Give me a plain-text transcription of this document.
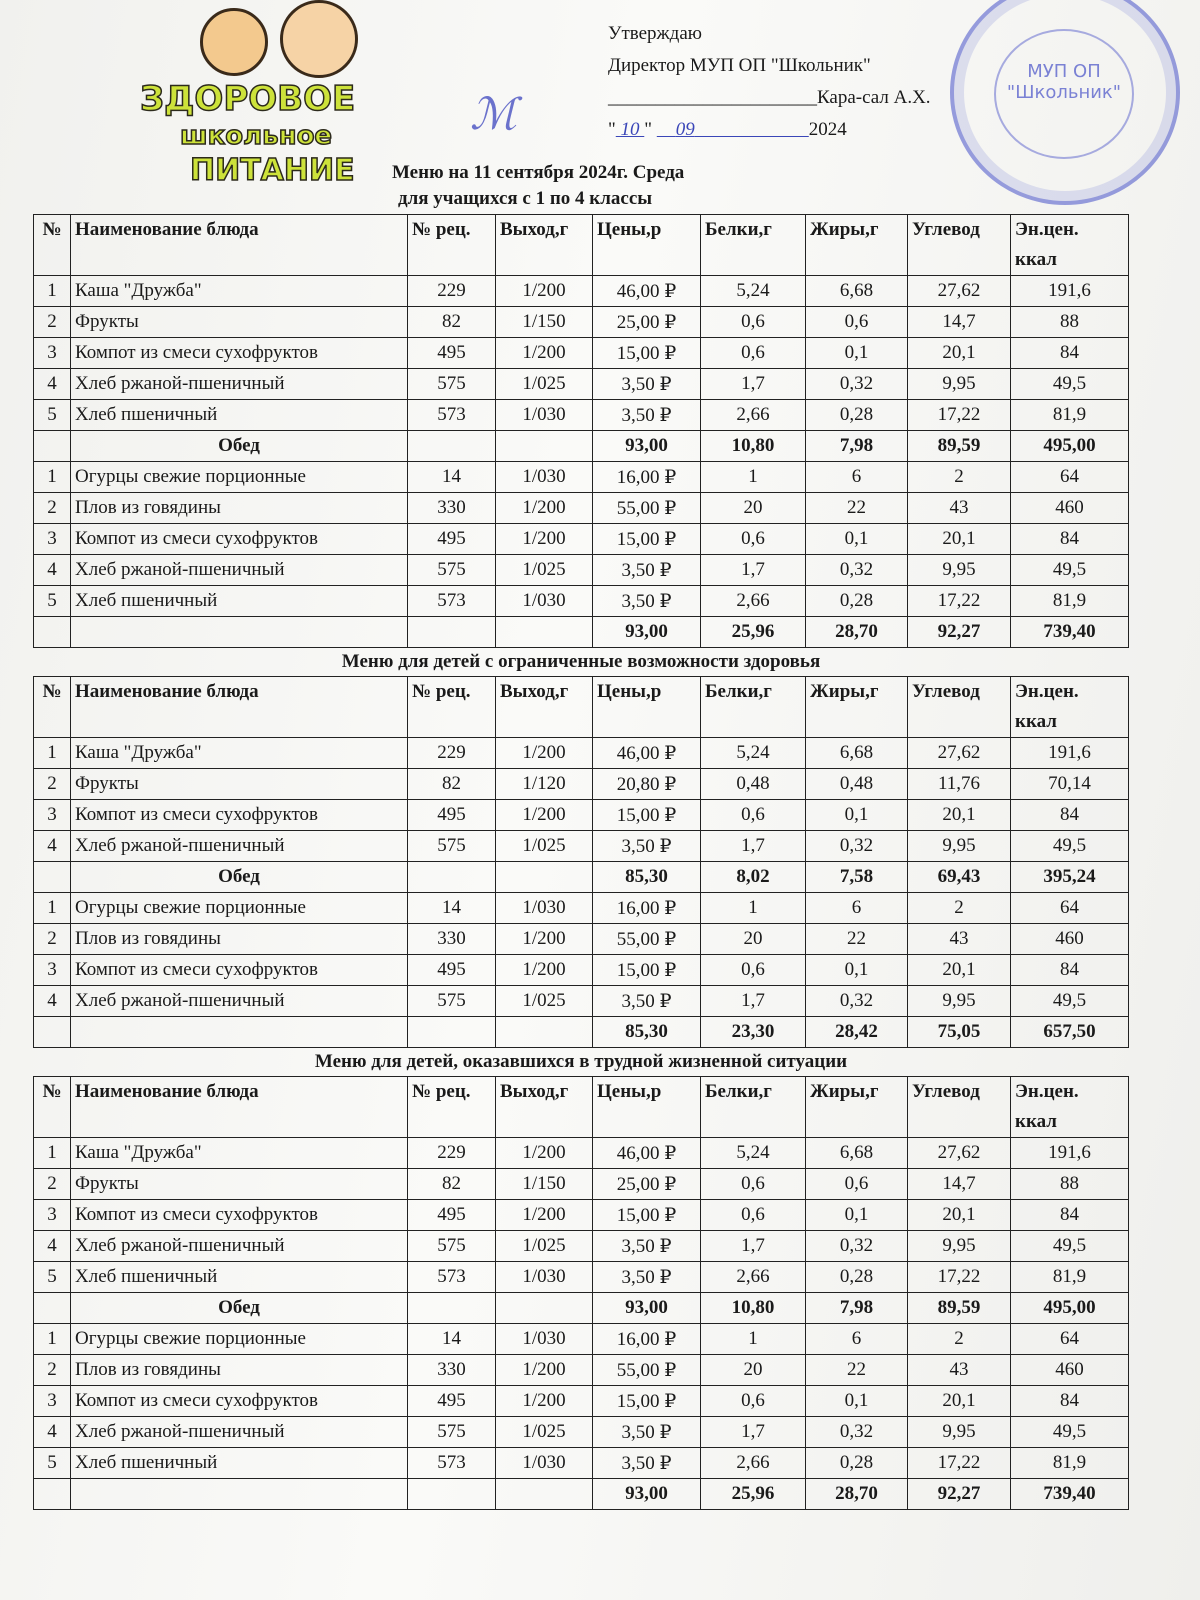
ЗДОРОВОЕ
школьное
ПИТАНИЕ
МУП ОП "Школьник"
Утверждаю
Директор МУП ОП "Школьник"
______________________Кара-сал А.Х.
" 10 "     09	2024
ℳ
Меню на 11 сентября 2024г. Среда
для учащихся с 1 по 4 классы
№	Наименование блюда	№ рец.	Выход,г	Цены,р	Белки,г	Жиры,г	Углевод	Эн.цен. ккал
1	Каша "Дружба"	229	1/200	46,00 ₽	5,24	6,68	27,62	191,6
2	Фрукты	82	1/150	25,00 ₽	0,6	0,6	14,7	88
3	Компот из смеси сухофруктов	495	1/200	15,00 ₽	0,6	0,1	20,1	84
4	Хлеб ржаной-пшеничный	575	1/025	3,50 ₽	1,7	0,32	9,95	49,5
5	Хлеб пшеничный	573	1/030	3,50 ₽	2,66	0,28	17,22	81,9
	Обед			93,00	10,80	7,98	89,59	495,00
1	Огурцы свежие порционные	14	1/030	16,00 ₽	1	6	2	64
2	Плов из говядины	330	1/200	55,00 ₽	20	22	43	460
3	Компот из смеси сухофруктов	495	1/200	15,00 ₽	0,6	0,1	20,1	84
4	Хлеб ржаной-пшеничный	575	1/025	3,50 ₽	1,7	0,32	9,95	49,5
5	Хлеб пшеничный	573	1/030	3,50 ₽	2,66	0,28	17,22	81,9
				93,00	25,96	28,70	92,27	739,40
Меню для детей с ограниченные возможности здоровья								
№	Наименование блюда	№ рец.	Выход,г	Цены,р	Белки,г	Жиры,г	Углевод	Эн.цен. ккал
1	Каша "Дружба"	229	1/200	46,00 ₽	5,24	6,68	27,62	191,6
2	Фрукты	82	1/120	20,80 ₽	0,48	0,48	11,76	70,14
3	Компот из смеси сухофруктов	495	1/200	15,00 ₽	0,6	0,1	20,1	84
4	Хлеб ржаной-пшеничный	575	1/025	3,50 ₽	1,7	0,32	9,95	49,5
	Обед			85,30	8,02	7,58	69,43	395,24
1	Огурцы свежие порционные	14	1/030	16,00 ₽	1	6	2	64
2	Плов из говядины	330	1/200	55,00 ₽	20	22	43	460
3	Компот из смеси сухофруктов	495	1/200	15,00 ₽	0,6	0,1	20,1	84
4	Хлеб ржаной-пшеничный	575	1/025	3,50 ₽	1,7	0,32	9,95	49,5
				85,30	23,30	28,42	75,05	657,50
Меню для детей, оказавшихся в трудной жизненной ситуации								
№	Наименование блюда	№ рец.	Выход,г	Цены,р	Белки,г	Жиры,г	Углевод	Эн.цен. ккал
1	Каша "Дружба"	229	1/200	46,00 ₽	5,24	6,68	27,62	191,6
2	Фрукты	82	1/150	25,00 ₽	0,6	0,6	14,7	88
3	Компот из смеси сухофруктов	495	1/200	15,00 ₽	0,6	0,1	20,1	84
4	Хлеб ржаной-пшеничный	575	1/025	3,50 ₽	1,7	0,32	9,95	49,5
5	Хлеб пшеничный	573	1/030	3,50 ₽	2,66	0,28	17,22	81,9
	Обед			93,00	10,80	7,98	89,59	495,00
1	Огурцы свежие порционные	14	1/030	16,00 ₽	1	6	2	64
2	Плов из говядины	330	1/200	55,00 ₽	20	22	43	460
3	Компот из смеси сухофруктов	495	1/200	15,00 ₽	0,6	0,1	20,1	84
4	Хлеб ржаной-пшеничный	575	1/025	3,50 ₽	1,7	0,32	9,95	49,5
5	Хлеб пшеничный	573	1/030	3,50 ₽	2,66	0,28	17,22	81,9
				93,00	25,96	28,70	92,27	739,40
